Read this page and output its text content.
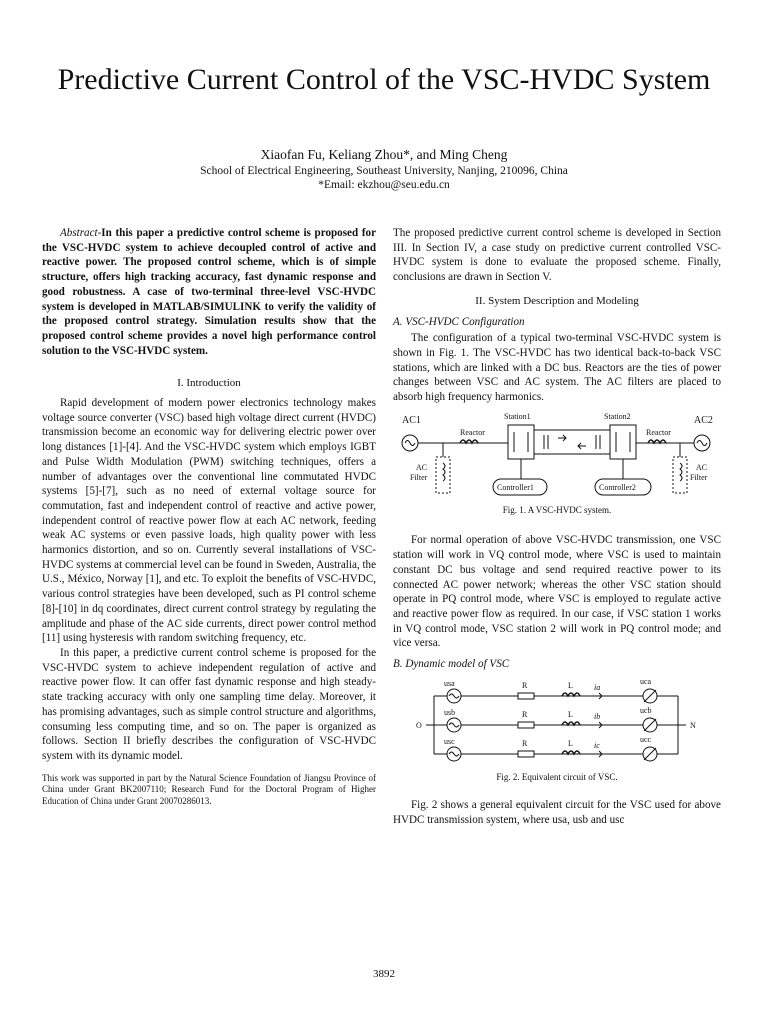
Predictive Current Control of the VSC-HVDC System
Xiaofan Fu, Keliang Zhou*, and Ming Cheng
School of Electrical Engineering, Southeast University, Nanjing, 210096, China
*Email: ekzhou@seu.edu.cn

Abstract-In this paper a predictive control scheme is proposed for the VSC-HVDC system to achieve decoupled control of active and reactive power. The proposed control scheme, which is of simple structure, offers high tracking accuracy, fast dynamic response and good robustness. A case of two-terminal three-level VSC-HVDC system is developed in MATLAB/SIMULINK to verify the validity of the proposed control strategy. Simulation results show that the proposed control scheme provides a novel high performance control solution to the VSC-HVDC system.

I. Introduction

Rapid development of modern power electronics technology makes voltage source converter (VSC) based high voltage direct current (HVDC) transmission become an economic way for delivering electric power over long distances [1]-[4]. And the VSC-HVDC system which employs IGBT and Pulse Width Modulation (PWM) switching techniques, offers a number of advantages over the conventional line commutated HVDC systems [5]-[7], such as no need of external voltage source for commutation, fast and independent control of reactive and active power, independent control of reactive power flow at each AC network, feeding weak AC systems or even passive loads, high quality power with less harmonics distortion, and so on. Currently several installations of VSC-HVDC systems at commercial level can be found in Sweden, Australia, the U.S., México, Norway [1], and etc. To exploit the benefits of VSC-HVDC, various control strategies have been developed, such as PI control scheme [8]-[10] in dq coordinates, direct current control strategy by regulating the amplitude and phase of the AC side currents, direct power control method [11] using hysteresis with random switching frequency, etc.

In this paper, a predictive current control scheme is proposed for the VSC-HVDC system to achieve independent regulation of active and reactive power flow. It can offer fast dynamic response and high steady-state tracking accuracy with only one sampling time delay. Moreover, it has promising advantages, such as simple control structure and algorithms, consuming less computing time, and so on. The paper is organized as follows. Section II briefly describes the configuration of VSC-HVDC system with its dynamic model.

This work was supported in part by the Natural Science Foundation of Jiangsu Province of China under Grant BK2007110; Research Fund for the Doctoral Program of Higher Education of China under Grant 20070286013.

The proposed predictive current control scheme is developed in Section III. In Section IV, a case study on predictive current controlled VSC-HVDC system is done to evaluate the proposed scheme. Finally, conclusions are drawn in Section V.

II. System Description and Modeling

A. VSC-HVDC Configuration

The configuration of a typical two-terminal VSC-HVDC system is shown in Fig. 1. The VSC-HVDC has two identical back-to-back VSC stations, which are linked with a DC bus. Reactors are the ties of power changes between VSC and AC system. The AC filters are placed to absorb high frequency harmonics.

AC1
Reactor
Station1	Station2
Reactor
AC2
AC
Filter
AC
Filter
Controller1	Controller2

Fig. 1. A VSC-HVDC system.

For normal operation of above VSC-HVDC transmission, one VSC station will work in VQ control mode, where VSC is used to maintain constant DC bus voltage and send required reactive power to its connected AC power network; whereas the other VSC station should operate in PQ control mode, where VSC is employed to regulate active and reactive power flow as required. In our case, if VSC station 1 works in VQ control mode, VSC station 2 will work in PQ control mode; and vice versa.

B. Dynamic model of VSC

usa
usb
usc
R
R
R
L
L
L
ia
ib
ic
uca
ucb
ucc
O	N

Fig. 2. Equivalent circuit of VSC.

Fig. 2 shows a general equivalent circuit for the VSC used for above HVDC transmission system, where usa, usb and usc

3892
